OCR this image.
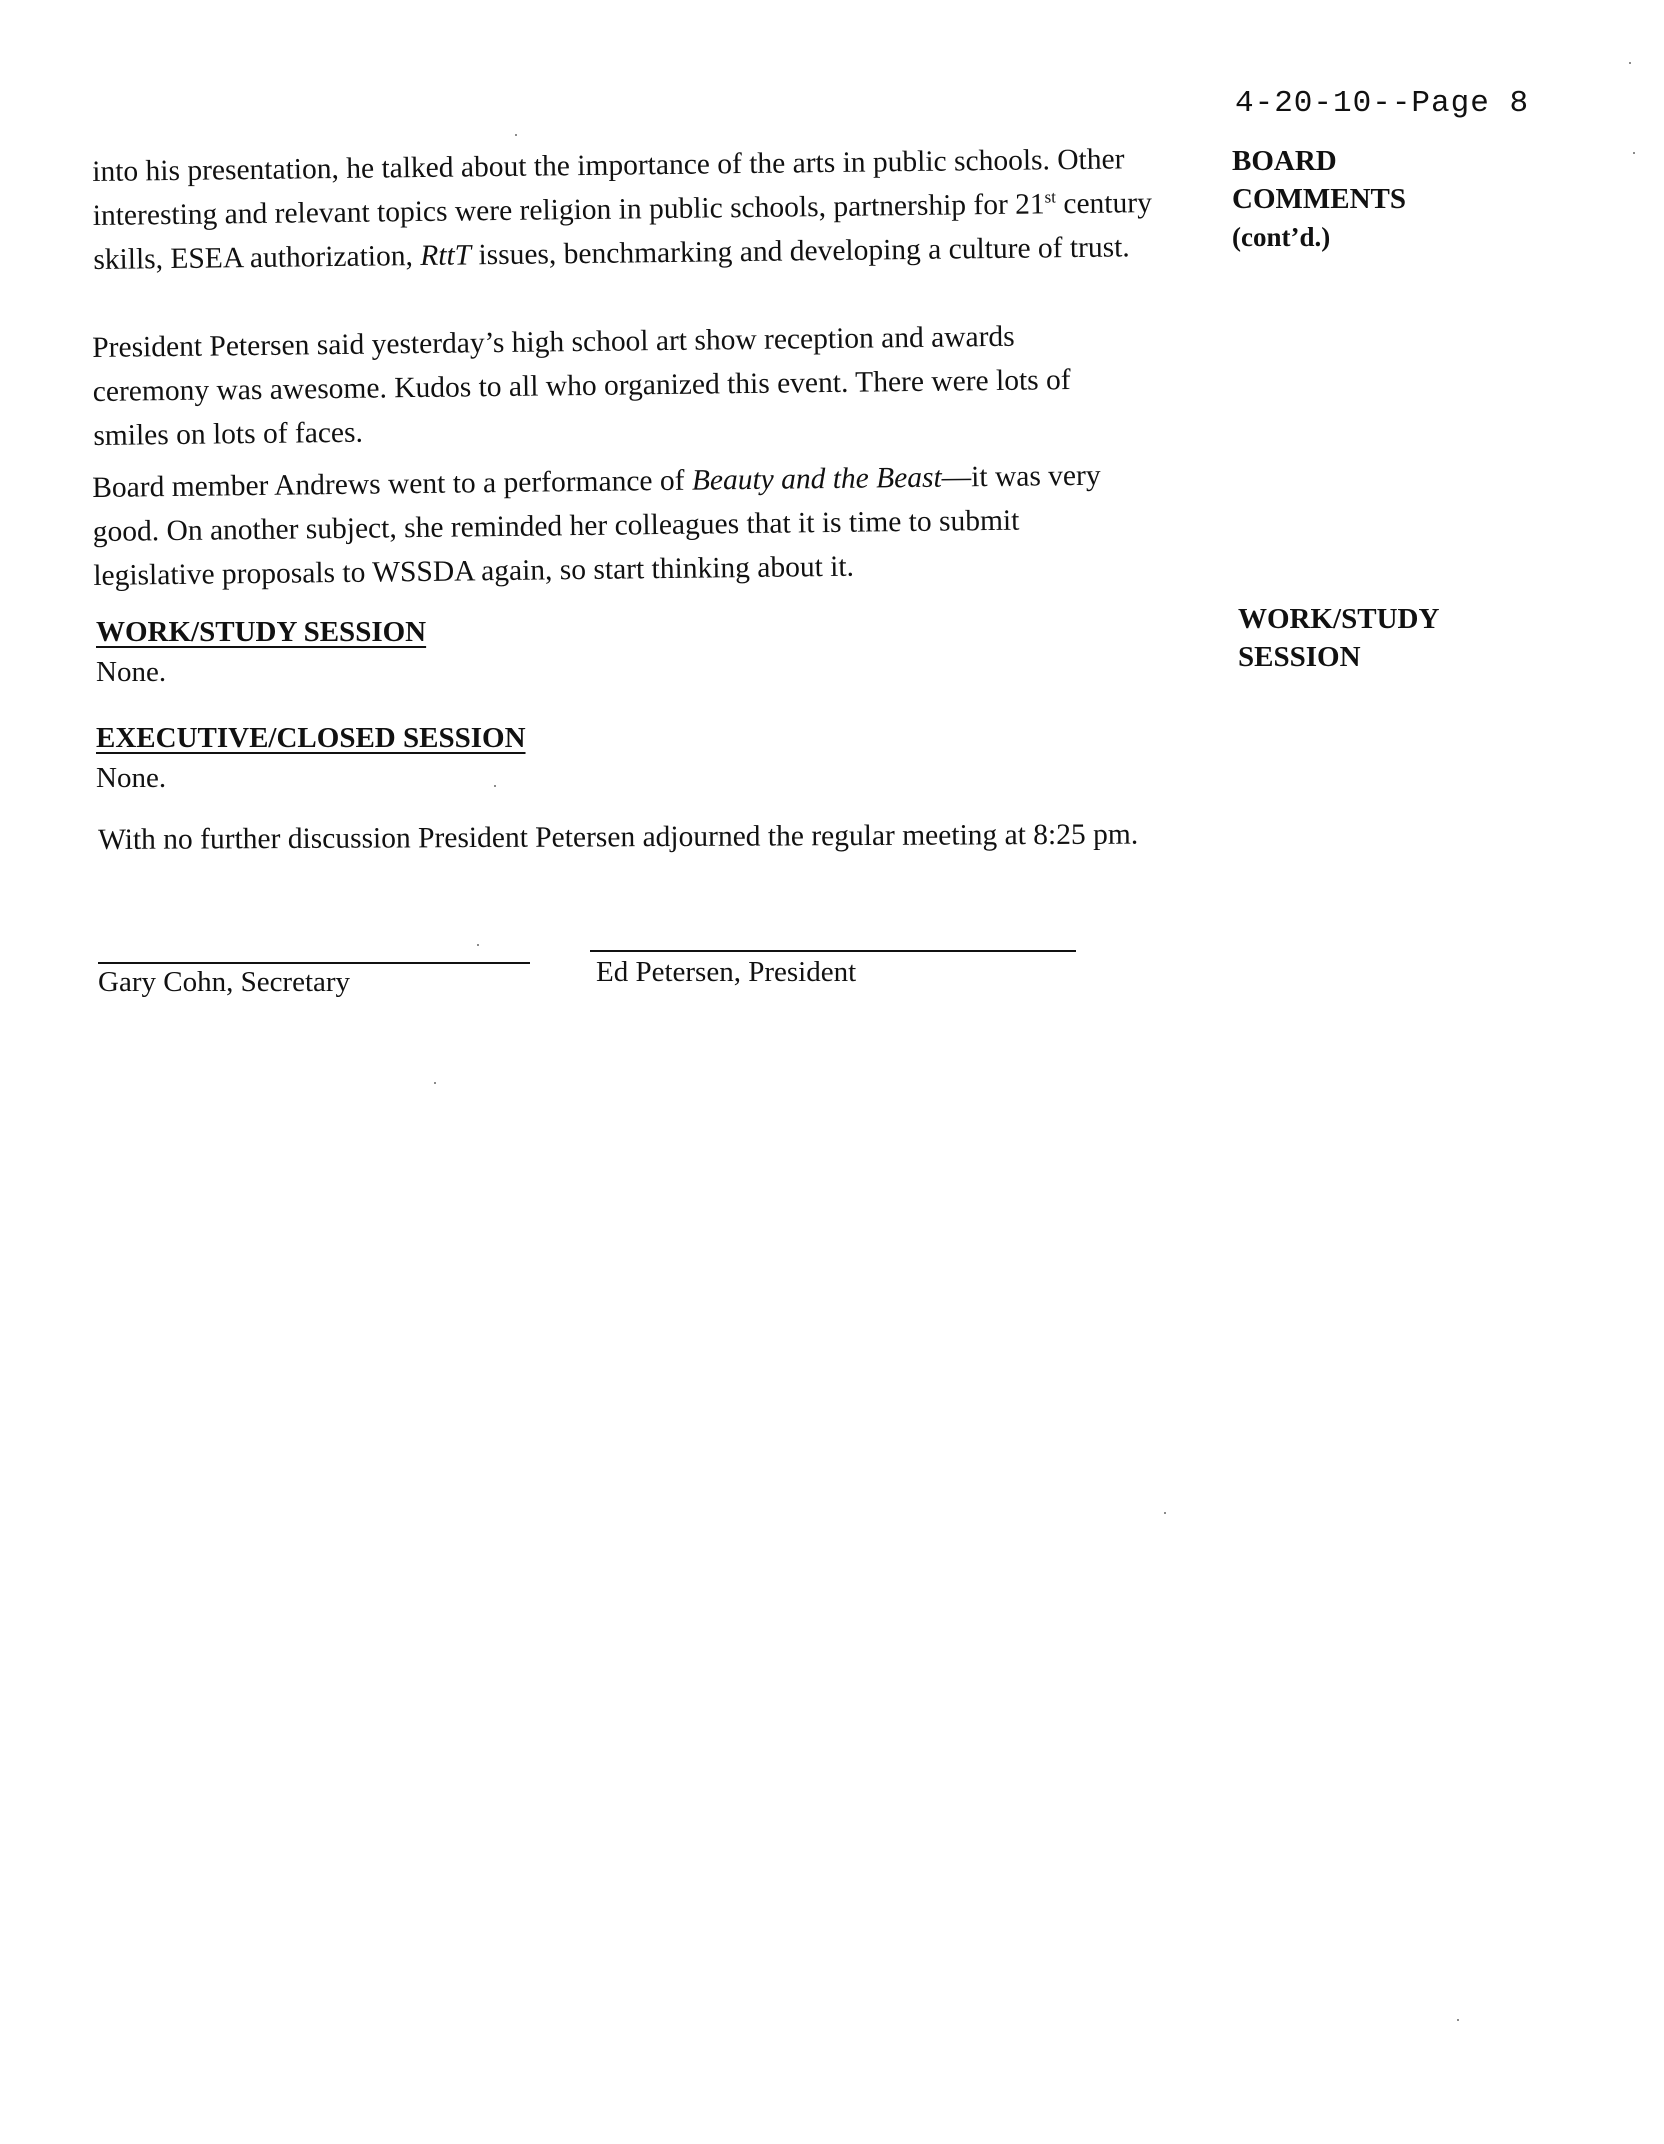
4-20-10--Page 8

into his presentation, he talked about the importance of the arts in public schools. Other interesting and relevant topics were religion in public schools, partnership for 21st century skills, ESEA authorization, RttT issues, benchmarking and developing a culture of trust.

President Petersen said yesterday’s high school art show reception and awards ceremony was awesome. Kudos to all who organized this event. There were lots of smiles on lots of faces.

Board member Andrews went to a performance of Beauty and the Beast—it was very good. On another subject, she reminded her colleagues that it is time to submit legislative proposals to WSSDA again, so start thinking about it.

WORK/STUDY SESSION

None.

EXECUTIVE/CLOSED SESSION

None.

With no further discussion President Petersen adjourned the regular meeting at 8:25 pm.

BOARD
COMMENTS
(cont’d.)
WORK/STUDY
SESSION

Gary Cohn, Secretary	Ed Petersen, President
